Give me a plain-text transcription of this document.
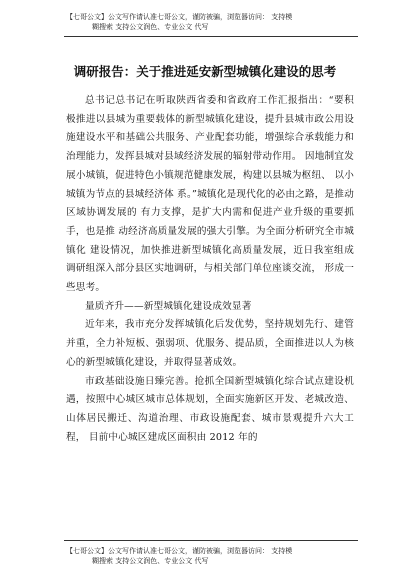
【七哥公文】公文写作请认准七哥公文，谨防被骗，浏览器访问： 支持模
糊搜索 支持公文润色、专业公文 代写
调研报告：关于推进延安新型城镇化建设的思考

总书记总书记在听取陕西省委和省政府工作汇报指出：“要积极推进以县城为重要载体的新型城镇化建设，提升县城市政公用设施建设水平和基础公共服务、产业配套功能，增强综合承载能力和治理能力，发挥县城对县域经济发展的辐射带动作用。 因地制宜发展小城镇，促进特色小镇规范健康发展，构建以县城为枢纽、 以小城镇为节点的县城经济体 系。”城镇化是现代化的必由之路，是推动区域协调发展的 有力支撑，是扩大内需和促进产业升级的重要抓手，也是推 动经济高质量发展的强大引擎。为全面分析研究全市城镇化 建设情况，加快推进新型城镇化高质量发展，近日我室组成 调研组深入部分县区实地调研，与相关部门单位座谈交流， 形成一些思考。

量质齐升——新型城镇化建设成效显著

近年来，我市充分发挥城镇化后发优势，坚持规划先行、建管并重，全力补短板、强弱项、优服务、提品质，全面推进以人为核心的新型城镇化建设，并取得显著成效。

市政基础设施日臻完善。抢抓全国新型城镇化综合试点建设机遇，按照中心城区城市总体规划，全面实施新区开发、老城改造、 山体居民搬迁、沟道治理、市政设施配套、城市景观提升六大工程， 目前中心城区建成区面积由 2012 年的

【七哥公文】公文写作请认准七哥公文，谨防被骗，浏览器访问： 支持模
糊搜索 支持公文润色、专业公文 代写
